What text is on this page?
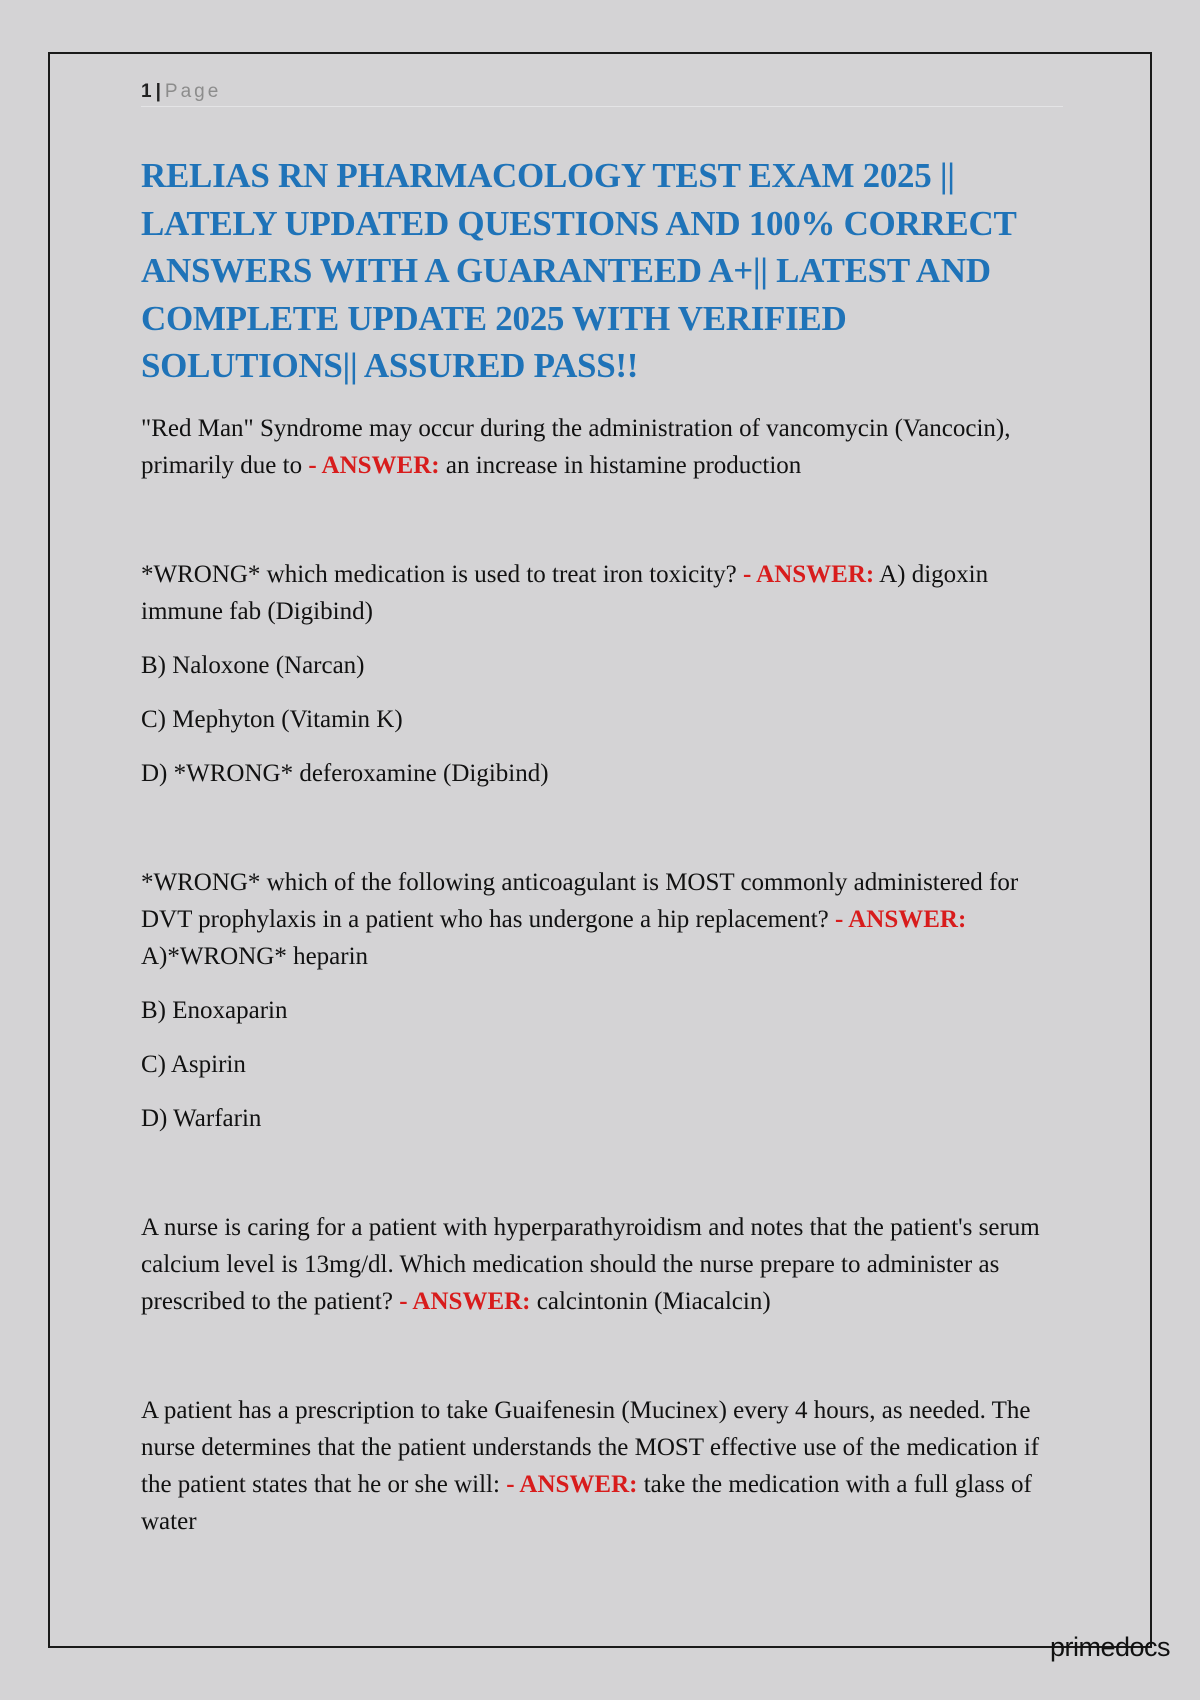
1 | Page
RELIAS RN PHARMACOLOGY TEST EXAM 2025 || LATELY UPDATED QUESTIONS AND 100% CORRECT ANSWERS WITH A GUARANTEED A+|| LATEST AND COMPLETE UPDATE 2025 WITH VERIFIED SOLUTIONS|| ASSURED PASS!!

"Red Man" Syndrome may occur during the administration of vancomycin (Vancocin), primarily due to - ANSWER: an increase in histamine production

*WRONG* which medication is used to treat iron toxicity? - ANSWER: A) digoxin immune fab (Digibind)

B) Naloxone (Narcan)

C) Mephyton (Vitamin K)

D) *WRONG* deferoxamine (Digibind)

*WRONG* which of the following anticoagulant is MOST commonly administered for DVT prophylaxis in a patient who has undergone a hip replacement? - ANSWER: A)*WRONG* heparin

B) Enoxaparin

C) Aspirin

D) Warfarin

A nurse is caring for a patient with hyperparathyroidism and notes that the patient's serum calcium level is 13mg/dl. Which medication should the nurse prepare to administer as prescribed to the patient? - ANSWER: calcintonin (Miacalcin)

A patient has a prescription to take Guaifenesin (Mucinex) every 4 hours, as needed. The nurse determines that the patient understands the MOST effective use of the medication if the patient states that he or she will: - ANSWER: take the medication with a full glass of water

primedocs
